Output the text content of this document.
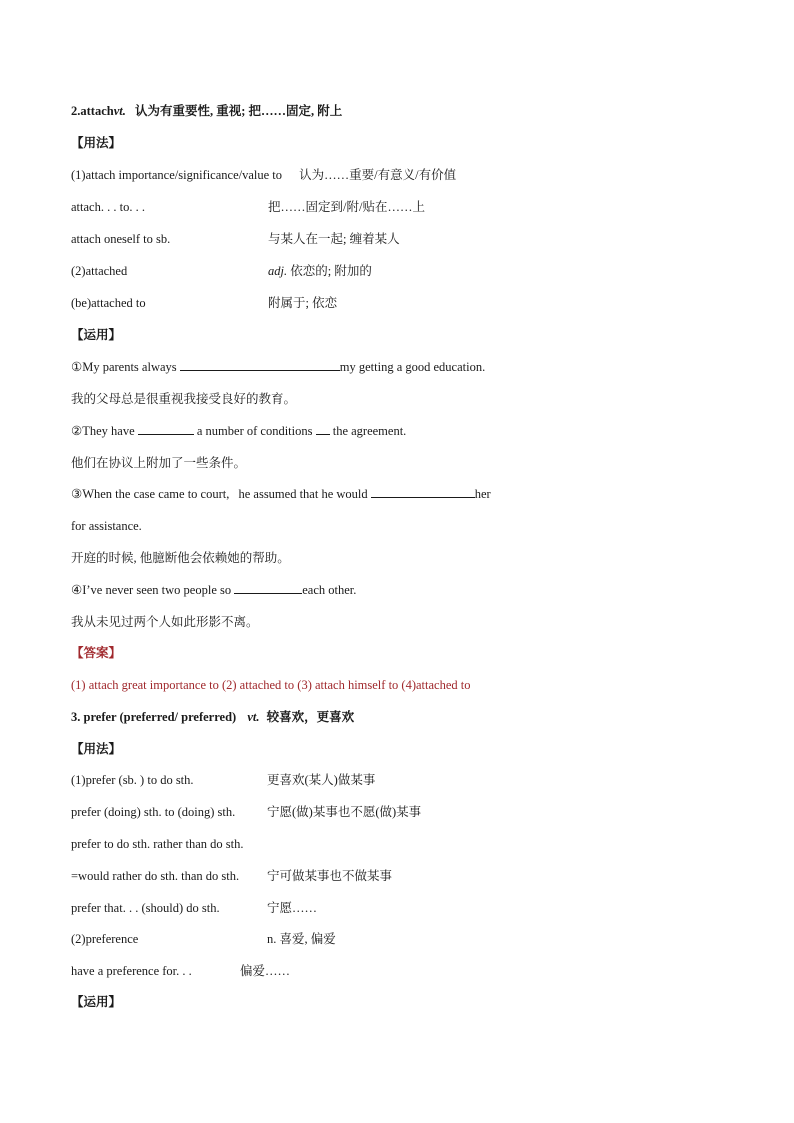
2.attachvt. 认为有重要性, 重视; 把……固定, 附上
【用法】
(1)attach importance/significance/value to 认为……重要/有意义/有价值
attach. . . to. . .	把……固定到/附/贴在……上
attach oneself to sb.	与某人在一起; 缠着某人
(2)attached	adj. 依恋的; 附加的
(be)attached to	附属于; 依恋
【运用】
①My parents always	my getting a good education.
我的父母总是很重视我接受良好的教育。
②They have	a number of conditions the agreement.
他们在协议上附加了一些条件。
③When the case came to court, he assumed that he would	her
for assistance.
开庭的时候, 他臆断他会依赖她的帮助。
④I’ve never seen two people so	each other.
我从未见过两个人如此形影不离。
【答案】
(1) attach great importance to (2) attached to (3) attach himself to (4)attached to
3. prefer (preferred/ preferred) vt. 较喜欢，更喜欢
【用法】
(1)prefer (sb. ) to do sth.	更喜欢(某人)做某事
prefer (doing) sth. to (doing) sth.	宁愿(做)某事也不愿(做)某事
prefer to do sth. rather than do sth.
=would rather do sth. than do sth. 宁可做某事也不做某事
prefer that. . . (should) do sth.	宁愿……
(2)preference	n. 喜爱, 偏爱
have a preference for. . .	偏爱……
【运用】
